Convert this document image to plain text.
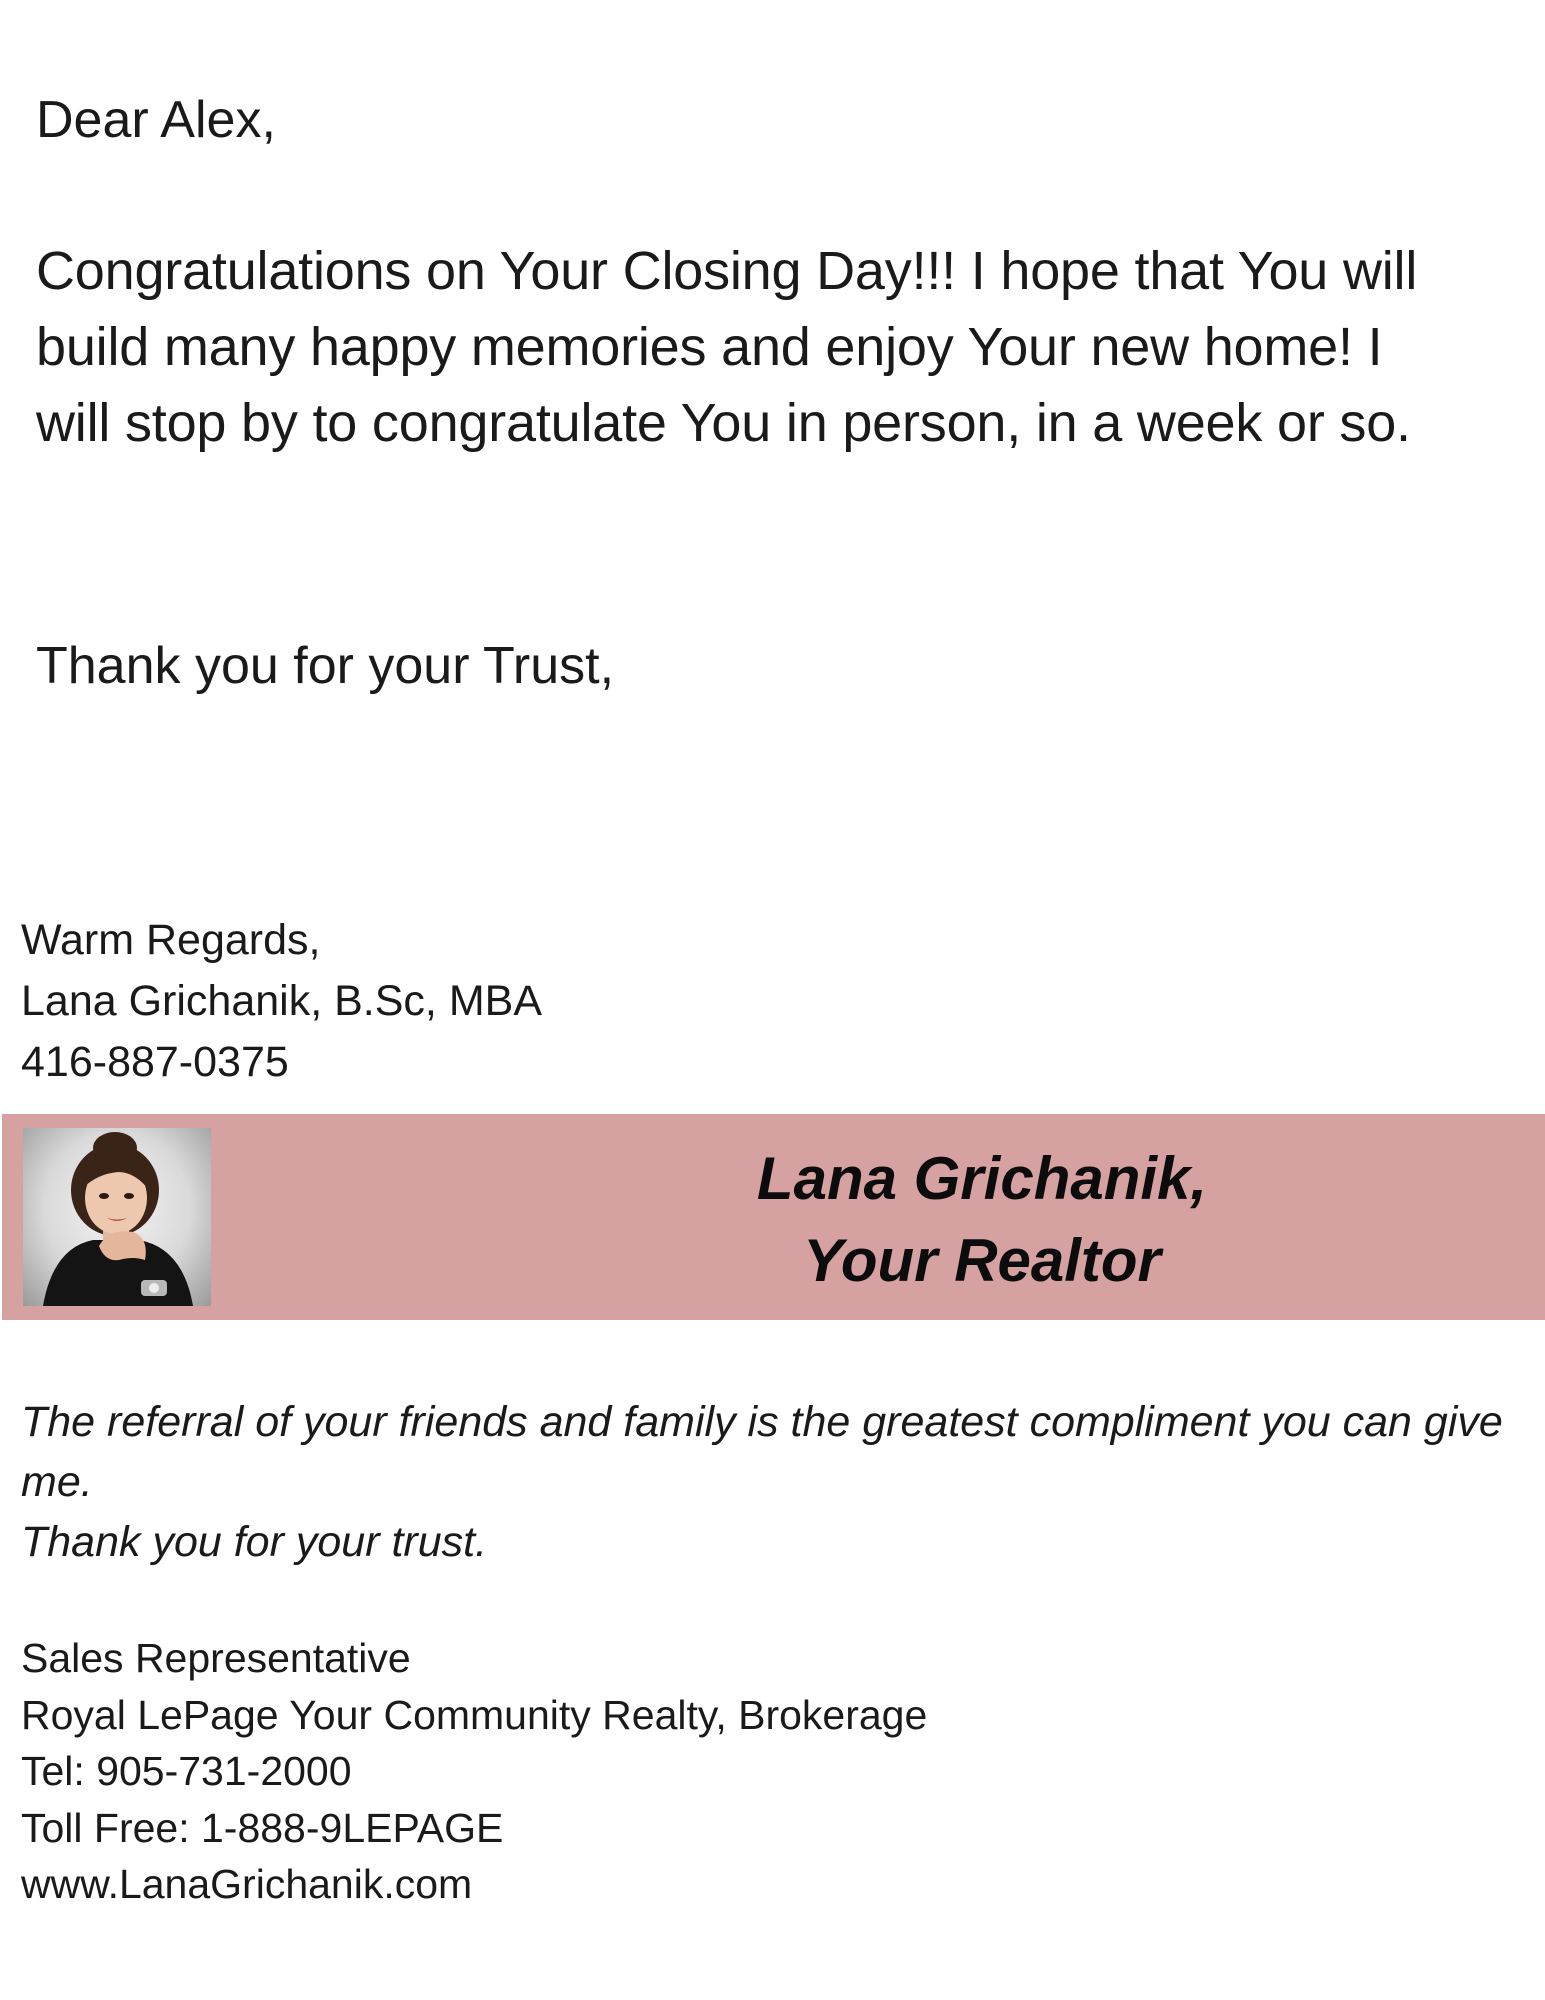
Dear Alex,
Congratulations on Your Closing Day!!! I hope that You will
build many happy memories and enjoy Your new home! I
will stop by to congratulate You in person, in a week or so.
Thank you for your Trust,
Warm Regards,
Lana Grichanik, B.Sc, MBA
416-887-0375
Lana Grichanik,
Your Realtor
The referral of your friends and family is the greatest compliment you can give
me.
Thank you for your trust.
Sales Representative
Royal LePage Your Community Realty, Brokerage
Tel: 905-731-2000
Toll Free: 1-888-9LEPAGE
www.LanaGrichanik.com
